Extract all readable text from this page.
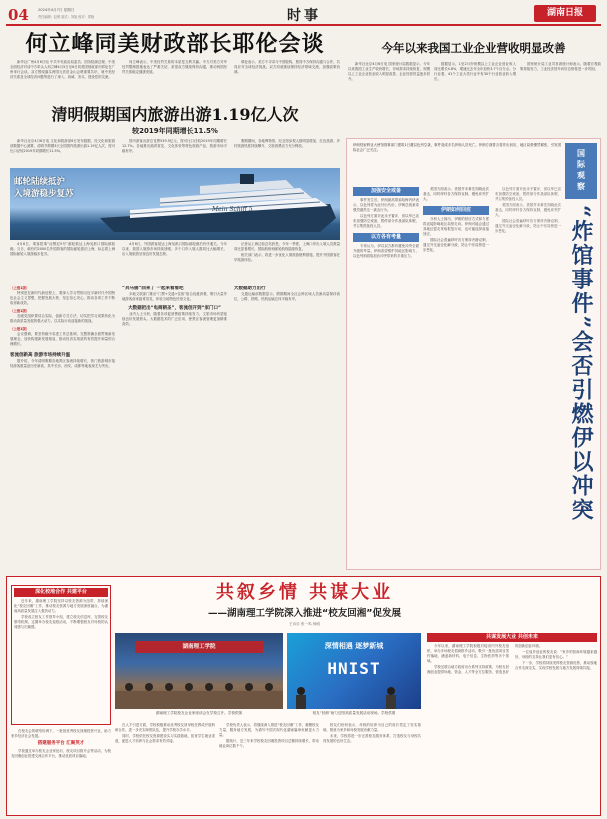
04	2024年4月7日 星期日
责任编辑：赵明 版式：刘旭 校对：郑晓	时事	湖南日报
何立峰同美财政部长耶伦会谈

新华社广州4月6日电 中共中央政治局委员、国务院副总理、中美全面经济对话中方牵头人何立峰4月5日至6日同美国财政部长耶伦在广州举行会谈。双方围绕落实两国元首旧金山会晤重要共识，就中美经济关系及全球经济问题等进行了深入、坦诚、务实、建设性的交流。

何立峰表示，中美经贸关系的本质是互利共赢。中方对美方对华经贸限制措施表达了严重关切，希望双方继续保持沟通，推动两国经贸关系稳定健康发展。

耶伦表示，美方不寻求与中国脱钩，愿同中方保持沟通与合作，共同应对全球经济挑战。双方同意继续保持经济领域交流，加强政策协调。

清明假期国内旅游出游1.19亿人次
较2019年同期增长11.5%

新华社北京4月6日电 文化和旅游部6日发布数据，经文化和旅游部数据中心测算，清明节假期3天全国国内旅游出游1.19亿人次，按可比口径较2019年同期增长11.5%。

国内游客出游总花费539.5亿元，按可比口径较2019年同期增长12.7%。各地推出踏青赏花、文化体验等特色旅游产品，旅游市场平稳有序。

假期期间，各地博物馆、纪念馆参观人数明显增加，红色旅游、乡村旅游热度持续攀升，文旅消费活力充分释放。

邮轮陆续抵沪
入境游稳步复苏
Mein Schiff 5

4月6日，乘客搭乘“迈锡尼5号”邮轮抵达上海吴淞口国际邮轮港。当日，载有约2000名外国游客的国际邮轮靠泊上海，标志着上海国际邮轮入境游稳步复苏。

4月6日，外国游客抵达上海吴淞口国际邮轮港后有序通关。今年以来，我国入境游市场持续回暖，多个口岸入境人数同比大幅增长，出入境旅游呈现良好发展态势。

记者从上海边检总站获悉，今年一季度，上海口岸出入境人员数量同比显著增长，国际航班和邮轮航线陆续恢复。

相关部门表示，将进一步优化入境旅游便利措施，提升外国游客在华旅游体验。

（上接1版）

特别是在新时代新征程上，要深入学习贯彻习近平新时代中国特色社会主义思想，把握发展大势，坚定信心决心，推动各项工作不断取得新成效。

（上接1版）

各级党组织要结合实际，创新方式方法，切实把学习成果转化为推动高质量发展的强大动力，以实际行动迎接新的挑战。

（上接1版）

会议强调，要坚持稳中求进工作总基调，完整准确全面贯彻新发展理念，加快构建新发展格局，推动经济实现质的有效提升和量的合理增长。

客流创新高 旅游市场持续升温

据介绍，今年清明假期各地景区客流持续增长，热门旅游城市接待游客数量创历史新高，其中长沙、西安、成都等地表现尤为突出。

“兵马俑”回来了 一起来看看吧

多地文旅部门推出“门票+交通+住宿”组合优惠套餐，吸引大量外地游客前来踏青赏花，体验当地特色民俗文化。

大数据把出“电商朝圣”，客流创开到“家门口”

业内人士分析，随着各项促消费政策持续发力，文旅市场有望延续良好发展势头。大数据技术的广泛应用，使景区客流管理更加精准高效。

大数据助力出行

交通运输部数据显示，假期期间全社会跨区域人员流动量保持高位，公路、铁路、民航运输总体平稳有序。

今年以来我国工业企业营收明显改善

新华社北京4月6日电 国家统计局数据显示，今年以来我国工业生产较快增长，市场需求持续恢复，规模以上工业企业营业收入明显改善，企业经营效益逐步回升。

数据显示，1至2月份规模以上工业企业营业收入同比增长4.8%，增速比去年全年加快3.7个百分点。分行业看，41个工业大类行业中有30个行业营业收入增长。

国家统计局工业司首席统计师表示，随着宏观政策持续发力，工业经济回升向好态势将进一步巩固。

伊朗驻叙利亚大使馆领事部门建筑1日遭以色列空袭，事件造成多名伊朗人员死亡。伊朗方面誓言将作出回应，地区局势骤然紧张，引发国际社会广泛关注。

加强安全戒备

事件发生后，伊朗最高领袖哈梅内伊表示，以色列将为此付出代价。伊朗总统莱希强烈谴责这一袭击行为。

以色列方面对此未予置评，但以军已宣布加强防空戒备，暂停部分作战部队休假，并召集预备役人员。

以方各有考量

专家认为，伊以双方都有避免冲突全面升级的考量。伊朗希望维护其地区影响力，以色列则面临加沙冲突带来的多重压力。

美国方面表示，美国并未事先知晓此次袭击，同时呼吁各方保持克制，避免冲突扩大。

伊朗如何回应

分析人士指出，伊朗的回应方式和力度将直接影响地区局势走向。伊朗可能会通过其地区盟友采取报复行动，也可能选择直接回应。

国际社会普遍呼吁各方保持冷静克制，通过外交途径化解分歧，防止中东局势进一步恶化。

国际观察
“炸馆事件”会否引燃伊以冲突

以色列方面对此未予置评，但以军已宣布加强防空戒备，暂停部分作战部队休假，并召集预备役人员。

美国方面表示，美国并未事先知晓此次袭击，同时呼吁各方保持克制，避免冲突扩大。

国际社会普遍呼吁各方保持冷静克制，通过外交途径化解分歧，防止中东局势进一步恶化。

共叙乡情 共谋大业
——湖南理工学院深入推进“校友回湘”促发展
王诗乐 张一鸣 杨明
深化校地合作 共建平台

近年来，湖南理工学院坚持以校友资源为纽带，持续深化“校友回湘”工作，推动校友资源与地方发展深度融合，为湖南高质量发展注入强劲动力。

学校成立校友工作领导小组，建立校友信息库，完善校友联络机制，定期举办校友返校活动，不断增强校友对母校的认同感与归属感。

在校友会的联络协调下，一批批优秀校友回湘投资兴业，助力家乡经济社会发展。

搭建服务平台 汇聚英才

学校通过举办校友企业家论坛、校友项目推介会等活动，为校友回湘创业搭建交流合作平台，推动优质项目落地。

湖南理工学院
湖南理工学院校友企业家座谈会在学校召开。学校供图
深情相遇 逐梦新城
HNIST
校友“回湘”助力岳阳高质量发展活动现场。学校供图

在人才引进方面，学校积极推动优秀校友回母校任教或开展科研合作，进一步充实师资队伍，提升学校办学水平。

同时，学校依托校友资源建设实习实践基地，拓宽学生就业渠道，促进人才培养与社会需求有效对接。

学校负责人表示，将继续深入推进“校友回湘”工作，凝聚校友力量，服务地方发展，为谱写中国式现代化湖南篇章贡献更大力量。

据统计，近三年来学校校友回湘投资项目总额持续增长，带动就业岗位数千个。

校友们纷纷表示，母校的培养为自己的成长奠定了坚实基础，愿意为家乡和母校发展贡献力量。

未来，学校将进一步完善校友服务体系，打造校友与母校共同发展的良好生态。

共谋发展大业 共创未来

今年以来，湖南理工学院积极对接省内外校友组织，举办多场校友招商推介活动，吸引一批优质项目签约落地，涵盖新材料、电子信息、生物医药等多个领域。

学校还联合地方政府出台系列支持政策，为校友回湘创业提供场地、资金、人才等全方位服务，营造良好的创新创业环境。

一位返乡创业的校友说：“家乡的营商环境越来越好，母校的支持让我们更有信心。”

下一步，学校将持续发挥校友资源优势，推动校地合作走深走实，实现学校发展与地方发展同频共振。
